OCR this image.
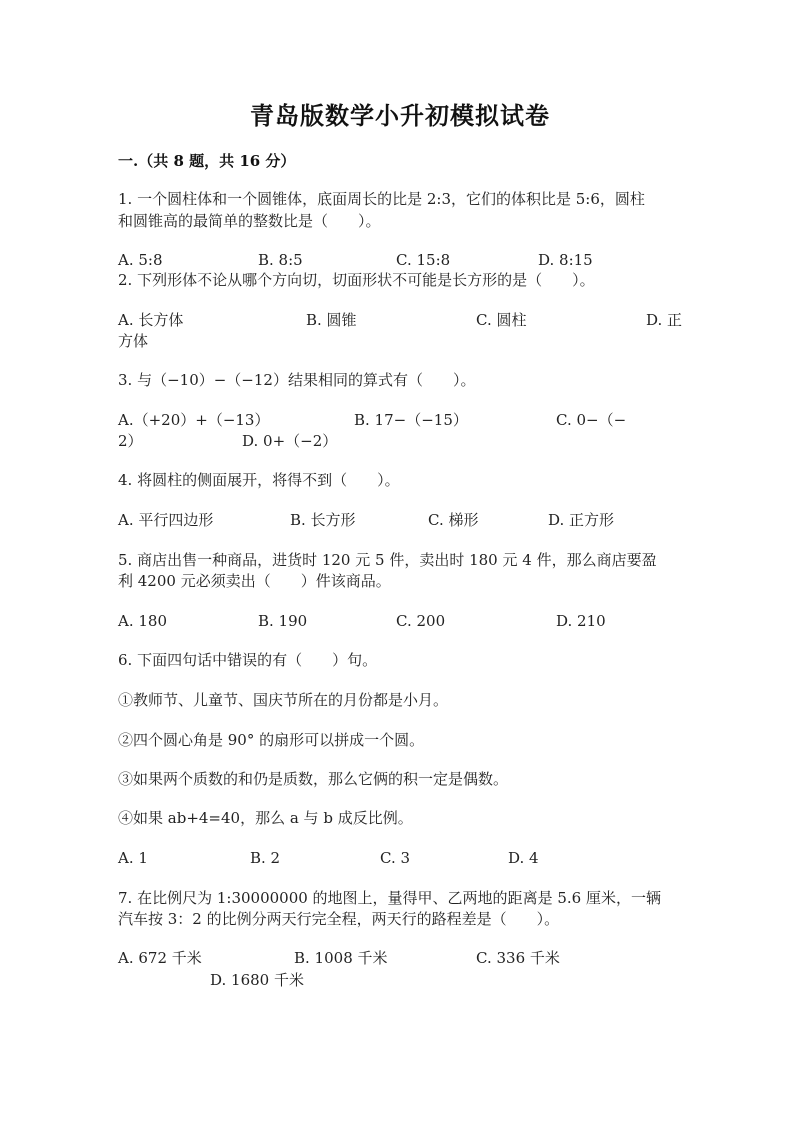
青岛版数学小升初模拟试卷
一.（共 8 题，共 16 分）
1. 一个圆柱体和一个圆锥体，底面周长的比是 2:3，它们的体积比是 5:6，圆柱
和圆锥高的最简单的整数比是（　　）。
A. 5:8	B. 8:5	C. 15:8	D. 8:15
2. 下列形体不论从哪个方向切，切面形状不可能是长方形的是（　　）。
A. 长方体	B. 圆锥	C. 圆柱	D. 正
方体
3. 与（−10）−（−12）结果相同的算式有（　　）。
A.（+20）+（−13）	B. 17−（−15）	C. 0−（−
2）	D. 0+（−2）
4. 将圆柱的侧面展开，将得不到（　　）。
A. 平行四边形	B. 长方形	C. 梯形	D. 正方形
5. 商店出售一种商品，进货时 120 元 5 件，卖出时 180 元 4 件，那么商店要盈
利 4200 元必须卖出（　　）件该商品。
A. 180	B. 190	C. 200	D. 210
6. 下面四句话中错误的有（　　）句。
①教师节、儿童节、国庆节所在的月份都是小月。
②四个圆心角是 90° 的扇形可以拼成一个圆。
③如果两个质数的和仍是质数，那么它俩的积一定是偶数。
④如果 ab+4=40，那么 a 与 b 成反比例。
A. 1	B. 2	C. 3	D. 4
7. 在比例尺为 1:30000000 的地图上，量得甲、乙两地的距离是 5.6 厘米，一辆
汽车按 3：2 的比例分两天行完全程，两天行的路程差是（　　）。
A. 672 千米	B. 1008 千米	C. 336 千米
D. 1680 千米
